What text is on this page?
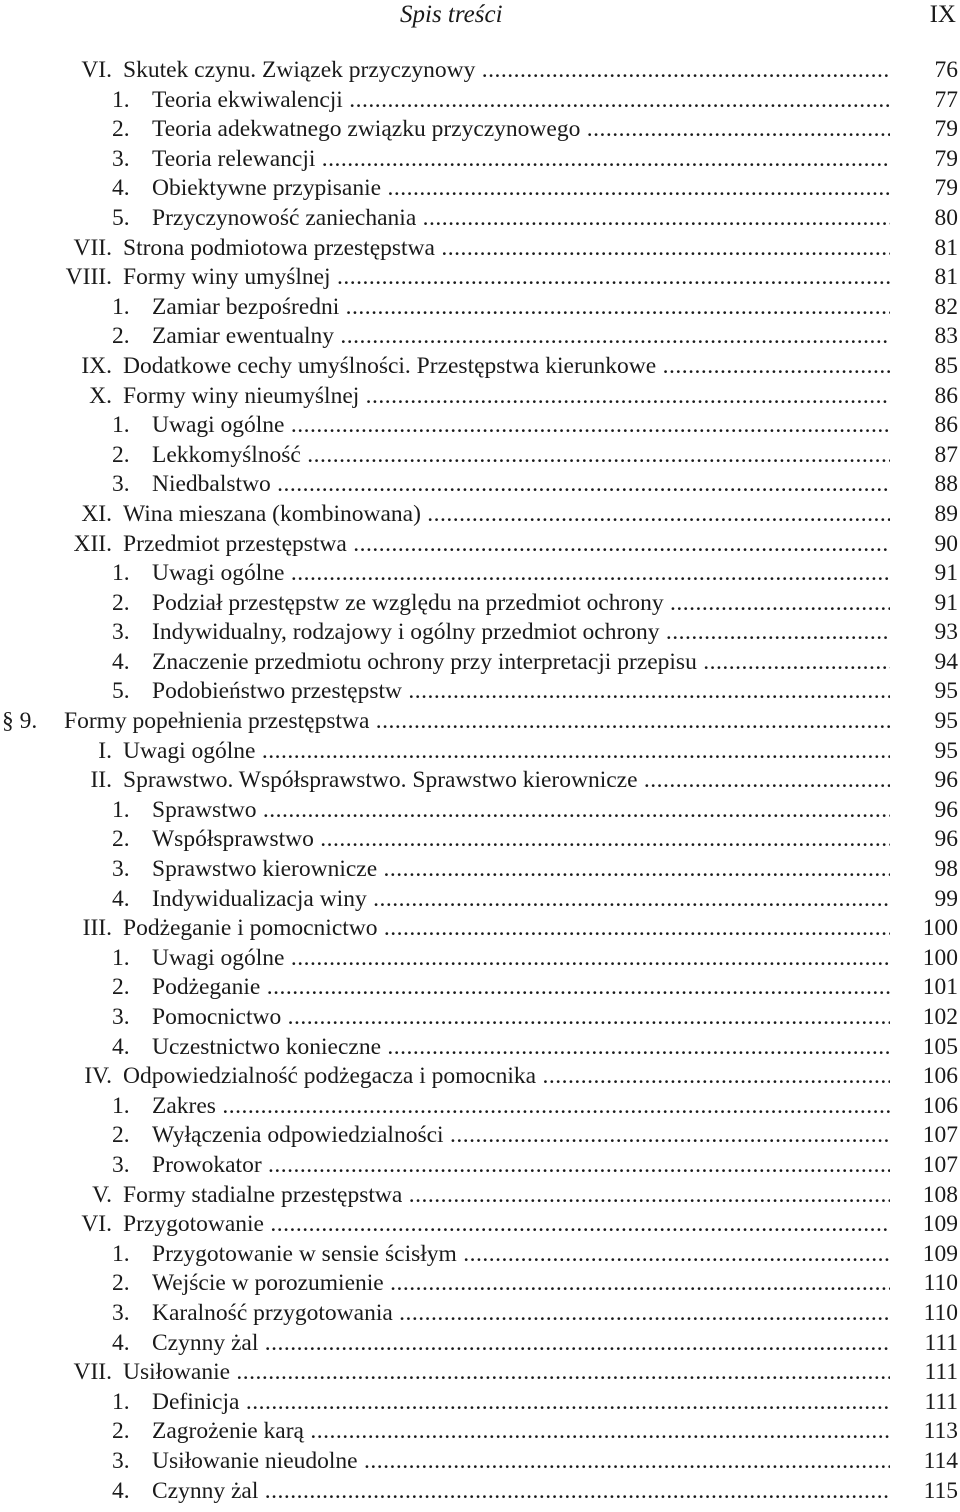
Spis treści	IX
VI. Skutek czynu. Związek przyczynowy .....	76
1. Teoria ekwiwalencji .....	77
2. Teoria adekwatnego związku przyczynowego .....	79
3. Teoria relewancji .....	79
4. Obiektywne przypisanie .....	79
5. Przyczynowość zaniechania .....	80
VII. Strona podmiotowa przestępstwa .....	81
VIII. Formy winy umyślnej .....	81
1. Zamiar bezpośredni .....	82
2. Zamiar ewentualny .....	83
IX. Dodatkowe cechy umyślności. Przestępstwa kierunkowe .....	85
X. Formy winy nieumyślnej .....	86
1. Uwagi ogólne .....	86
2. Lekkomyślność .....	87
3. Niedbalstwo .....	88
XI. Wina mieszana (kombinowana) .....	89
XII. Przedmiot przestępstwa .....	90
1. Uwagi ogólne .....	91
2. Podział przestępstw ze względu na przedmiot ochrony .....	91
3. Indywidualny, rodzajowy i ogólny przedmiot ochrony .....	93
4. Znaczenie przedmiotu ochrony przy interpretacji przepisu .....	94
5. Podobieństwo przestępstw .....	95
§ 9.	Formy popełnienia przestępstwa .....	95
I. Uwagi ogólne .....	95
II. Sprawstwo. Współsprawstwo. Sprawstwo kierownicze .....	96
1. Sprawstwo .....	96
2. Współsprawstwo .....	96
3. Sprawstwo kierownicze .....	98
4. Indywidualizacja winy .....	99
III. Podżeganie i pomocnictwo .....	100
1. Uwagi ogólne .....	100
2. Podżeganie .....	101
3. Pomocnictwo .....	102
4. Uczestnictwo konieczne .....	105
IV. Odpowiedzialność podżegacza i pomocnika .....	106
1. Zakres .....	106
2. Wyłączenia odpowiedzialności .....	107
3. Prowokator .....	107
V. Formy stadialne przestępstwa .....	108
VI. Przygotowanie .....	109
1. Przygotowanie w sensie ścisłym .....	109
2. Wejście w porozumienie .....	110
3. Karalność przygotowania .....	110
4. Czynny żal .....	111
VII. Usiłowanie .....	111
1. Definicja .....	111
2. Zagrożenie karą .....	113
3. Usiłowanie nieudolne .....	114
4. Czynny żal .....	115
